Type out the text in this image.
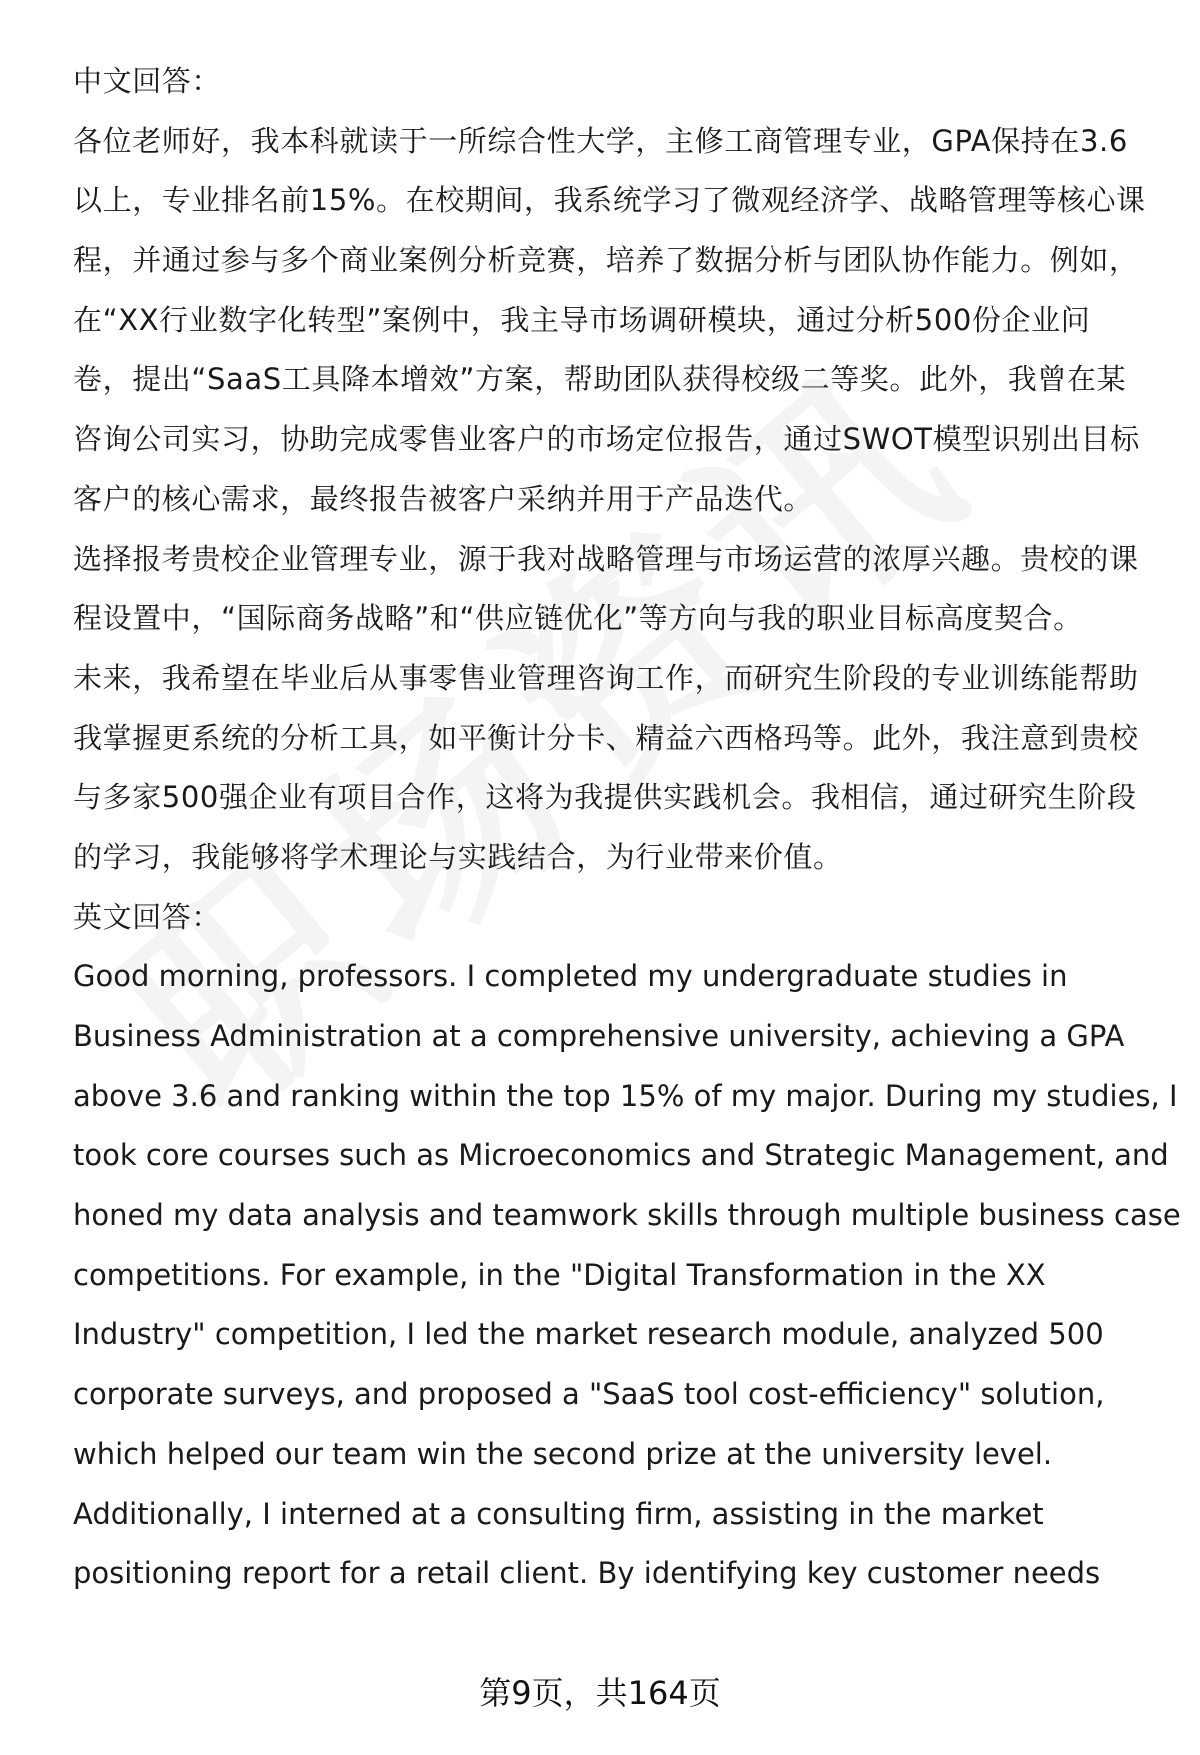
中文回答：

各位老师好，我本科就读于一所综合性大学，主修工商管理专业，GPA保持在3.6

以上，专业排名前15%。在校期间，我系统学习了微观经济学、战略管理等核心课

程，并通过参与多个商业案例分析竞赛，培养了数据分析与团队协作能力。例如，

在“XX行业数字化转型”案例中，我主导市场调研模块，通过分析500份企业问

卷，提出“SaaS工具降本增效”方案，帮助团队获得校级二等奖。此外，我曾在某

咨询公司实习，协助完成零售业客户的市场定位报告，通过SWOT模型识别出目标

客户的核心需求，最终报告被客户采纳并用于产品迭代。

选择报考贵校企业管理专业，源于我对战略管理与市场运营的浓厚兴趣。贵校的课

程设置中，“国际商务战略”和“供应链优化”等方向与我的职业目标高度契合。

未来，我希望在毕业后从事零售业管理咨询工作，而研究生阶段的专业训练能帮助

我掌握更系统的分析工具，如平衡计分卡、精益六西格玛等。此外，我注意到贵校

与多家500强企业有项目合作，这将为我提供实践机会。我相信，通过研究生阶段

的学习，我能够将学术理论与实践结合，为行业带来价值。

英文回答：

Good morning, professors. I completed my undergraduate studies in

Business Administration at a comprehensive university, achieving a GPA

above 3.6 and ranking within the top 15% of my major. During my studies, I

took core courses such as Microeconomics and Strategic Management, and

honed my data analysis and teamwork skills through multiple business case

competitions. For example, in the "Digital Transformation in the XX

Industry" competition, I led the market research module, analyzed 500

corporate surveys, and proposed a "SaaS tool cost-efficiency" solution,

which helped our team win the second prize at the university level.

Additionally, I interned at a consulting firm, assisting in the market

positioning report for a retail client. By identifying key customer needs

第9页，共164页
